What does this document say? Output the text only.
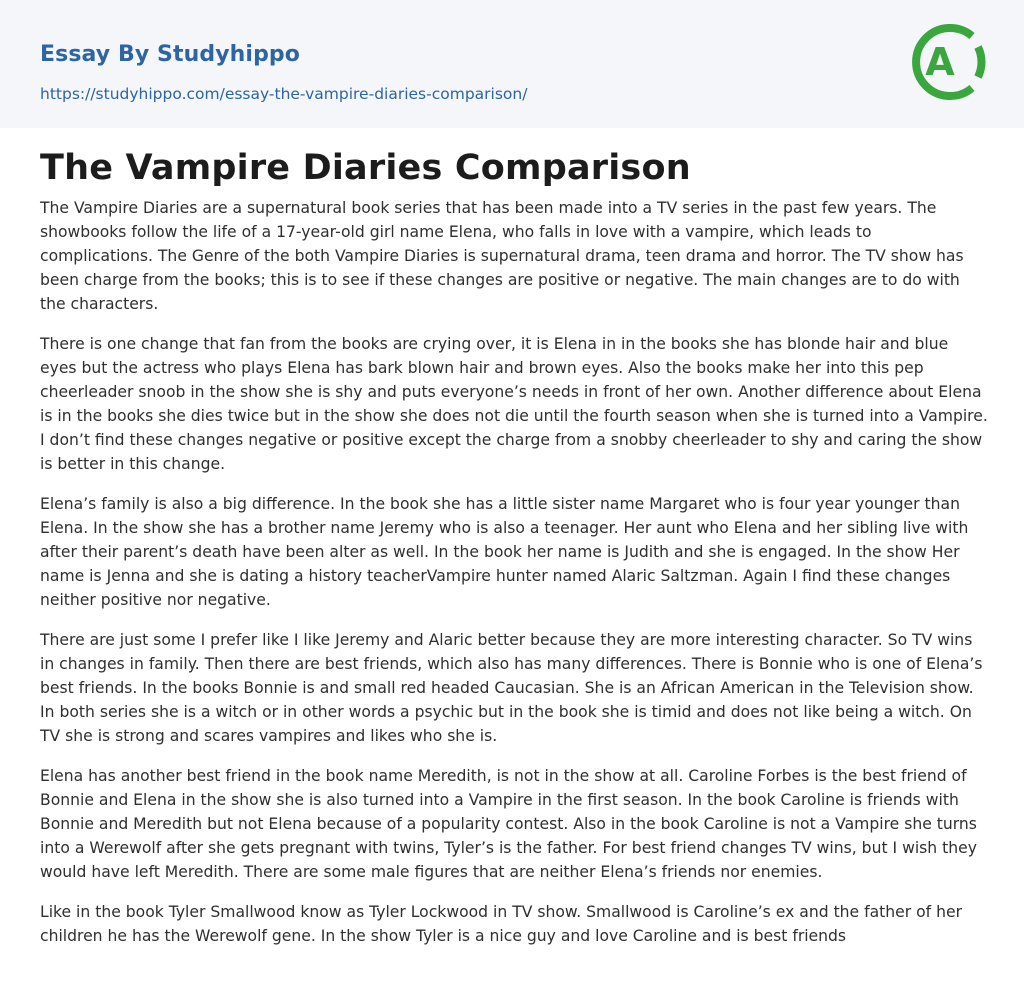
Essay By Studyhippo
https://studyhippo.com/essay-the-vampire-diaries-comparison/
A
The Vampire Diaries Comparison

The Vampire Diaries are a supernatural book series that has been made into a TV series in the past few years. The showbooks follow the life of a 17-year-old girl name Elena, who falls in love with a vampire, which leads to complications. The Genre of the both Vampire Diaries is supernatural drama, teen drama and horror. The TV show has been charge from the books; this is to see if these changes are positive or negative. The main changes are to do with the characters.

There is one change that fan from the books are crying over, it is Elena in in the books she has blonde hair and blue eyes but the actress who plays Elena has bark blown hair and brown eyes. Also the books make her into this pep cheerleader snoob in the show she is shy and puts everyone’s needs in front of her own. Another difference about Elena is in the books she dies twice but in the show she does not die until the fourth season when she is turned into a Vampire. I don’t find these changes negative or positive except the charge from a snobby cheerleader to shy and caring the show is better in this change.

Elena’s family is also a big difference. In the book she has a little sister name Margaret who is four year younger than Elena. In the show she has a brother name Jeremy who is also a teenager. Her aunt who Elena and her sibling live with after their parent’s death have been alter as well. In the book her name is Judith and she is engaged. In the show Her name is Jenna and she is dating a history teacherVampire hunter named Alaric Saltzman. Again I find these changes neither positive nor negative.

There are just some I prefer like I like Jeremy and Alaric better because they are more interesting character. So TV wins in changes in family. Then there are best friends, which also has many differences. There is Bonnie who is one of Elena’s best friends. In the books Bonnie is and small red headed Caucasian. She is an African American in the Television show. In both series she is a witch or in other words a psychic but in the book she is timid and does not like being a witch. On TV she is strong and scares vampires and likes who she is.

Elena has another best friend in the book name Meredith, is not in the show at all. Caroline Forbes is the best friend of Bonnie and Elena in the show she is also turned into a Vampire in the first season. In the book Caroline is friends with Bonnie and Meredith but not Elena because of a popularity contest. Also in the book Caroline is not a Vampire she turns into a Werewolf after she gets pregnant with twins, Tyler’s is the father. For best friend changes TV wins, but I wish they would have left Meredith. There are some male figures that are neither Elena’s friends nor enemies.

Like in the book Tyler Smallwood know as Tyler Lockwood in TV show. Smallwood is Caroline’s ex and the father of her children he has the Werewolf gene. In the show Tyler is a nice guy and love Caroline and is best friends
